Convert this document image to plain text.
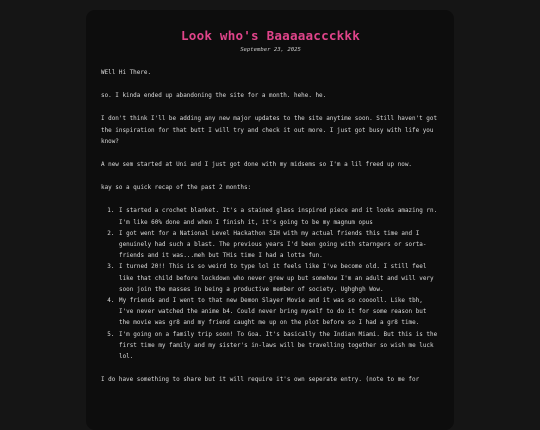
Look who's Baaaaaccckkk
September 23, 2025

WEll Hi There.

so. I kinda ended up abandoning the site for a month. hehe. he.

I don't think I'll be adding any new major updates to the site anytime soon. Still haven't got the inspiration for that butt I will try and check it out more. I just got busy with life you know?

A new sem started at Uni and I just got done with my midsems so I'm a lil freed up now.

kay so a quick recap of the past 2 months:

1. I started a crochet blanket. It's a stained glass inspired piece and it looks amazing rn. I'm like 60% done and when I finish it, it's going to be my magnum opus
2. I got went for a National Level Hackathon SIH with my actual friends this time and I genuinely had such a blast. The previous years I'd been going with starngers or sorta-friends and it was...meh but THis time I had a lotta fun.
3. I turned 20!! This is so weird to type lol it feels like I've become old. I still feel like that child before lockdown who never grew up but somehow I'm an adult and will very soon join the masses in being a productive member of society. Ughghgh Wow.
4. My friends and I went to that new Demon Slayer Movie and it was so cooooll. Like tbh, I've never watched the anime b4. Could never bring myself to do it for some reason but the movie was gr8 and my friend caught me up on the plot before so I had a gr8 time.
5. I'm going on a family trip soon! To Goa. It's basically the Indian Miami. But this is the first time my family and my sister's in-laws will be travelling together so wish me luck lol.

I do have something to share but it will require it's own seperate entry. (note to me for
